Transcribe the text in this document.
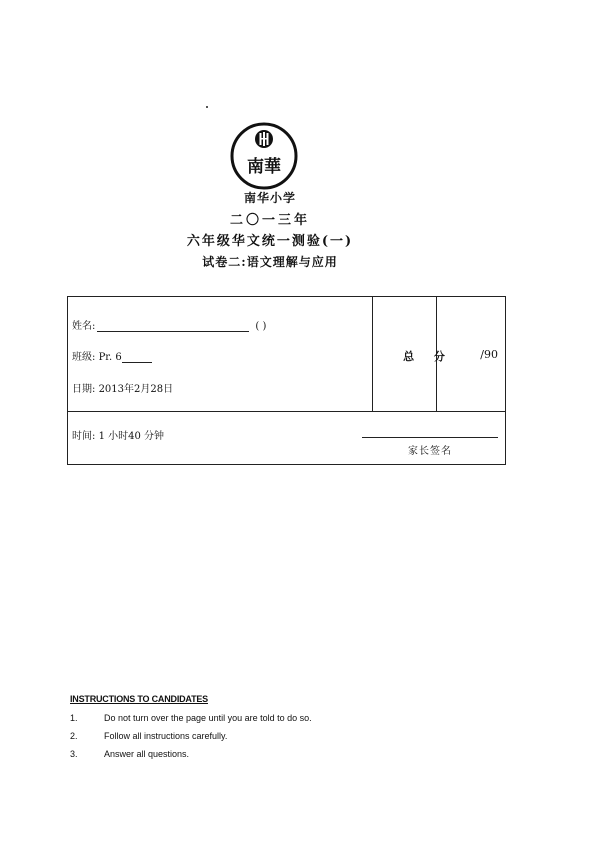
南華
南华小学
二〇一三年
六年级华文统一测验(一)
试卷二:语文理解与应用
姓名:	( )
班级: Pr. 6
日期: 2013年2月28日
总 分	/90
时间: 1 小时40 分钟
家长签名
INSTRUCTIONS TO CANDIDATES
1.	Do not turn over the page until you are told to do so.
2.	Follow all instructions carefully.
3.	Answer all questions.
